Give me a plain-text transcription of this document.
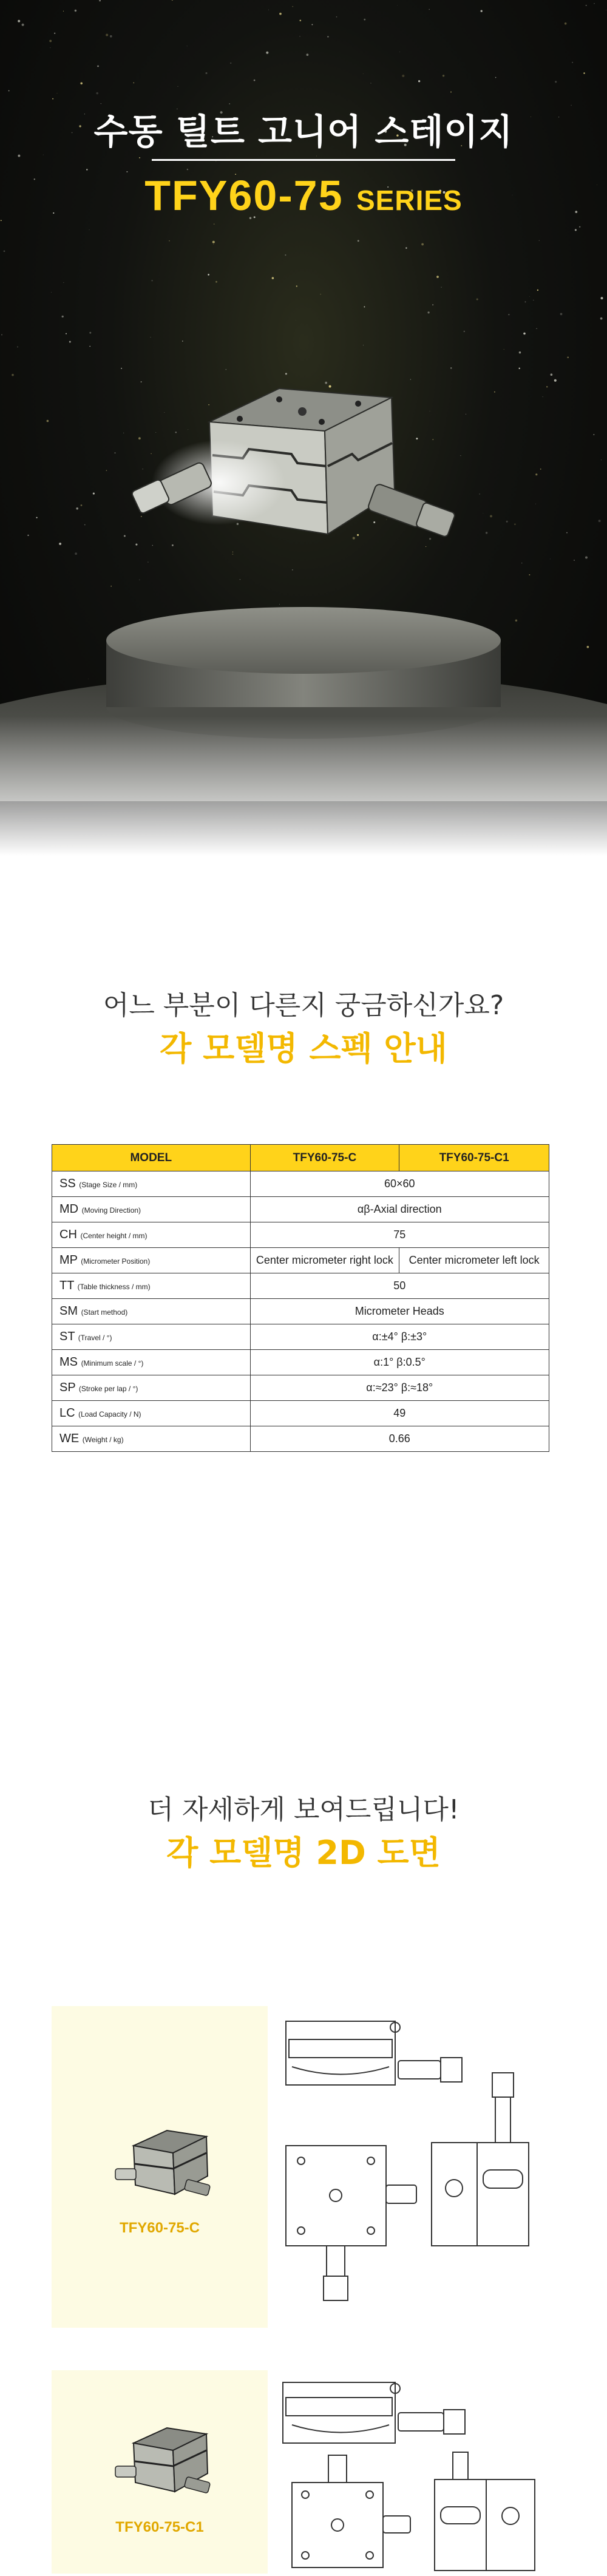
수동 틸트 고니어 스테이지
TFY60-75 SERIES
어느 부분이 다른지 궁금하신가요?
각 모델명 스펙 안내
MODEL	TFY60-75-C	TFY60-75-C1
SS (Stage Size / mm)	60×60	
MD (Moving Direction)	αβ-Axial direction	
CH (Center height / mm)	75	
MP (Micrometer Position)	Center micrometer right lock	Center micrometer left lock
TT (Table thickness / mm)	50	
SM (Start method)	Micrometer Heads	
ST (Travel / °)	α:±4° β:±3°	
MS (Minimum scale / °)	α:1° β:0.5°	
SP (Stroke per lap / °)	α:≈23° β:≈18°	
LC (Load Capacity / N)	49	
WE (Weight / kg)	0.66	
더 자세하게 보여드립니다!
각 모델명 2D 도면
TFY60-75-C
TFY60-75-C1
